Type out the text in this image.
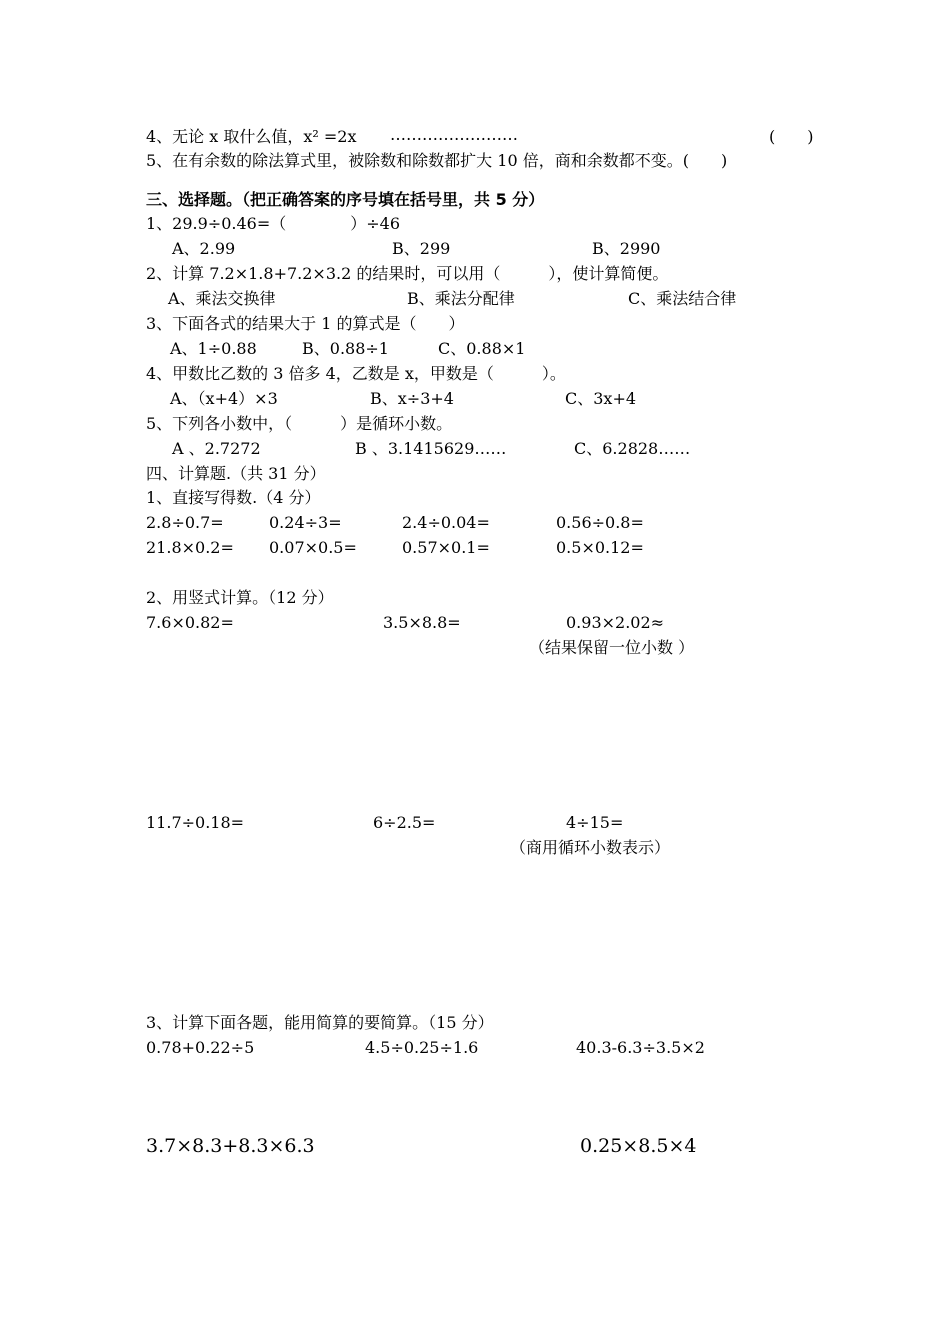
4、无论 x 取什么值，x² =2x ……………………	(　　)
5、在有余数的除法算式里，被除数和除数都扩大 10 倍，商和余数都不变。(　　)
三、选择题。（把正确答案的序号填在括号里，共 5 分）
1、29.9÷0.46=（　　　　）÷46
A、2.99	B、299	B、2990
2、计算 7.2×1.8+7.2×3.2 的结果时，可以用（　　　），使计算简便。
A、乘法交换律	B、乘法分配律	C、乘法结合律
3、下面各式的结果大于 1 的算式是（　　）
A、1÷0.88	B、0.88÷1	C、0.88×1
4、甲数比乙数的 3 倍多 4，乙数是 x，甲数是（　　　）。
A、（x+4）×3	B、x÷3+4	C、3x+4
5、下列各小数中，（　　　）是循环小数。
A 、2.7272	B 、3.1415629……	C、6.2828……
四、计算题.（共 31 分）
1、直接写得数.（4 分）
2.8÷0.7=	0.24÷3=	2.4÷0.04=	0.56÷0.8=
21.8×0.2= 0.07×0.5=	0.57×0.1=	0.5×0.12=
2、用竖式计算。（12 分）
7.6×0.82=	3.5×8.8=	0.93×2.02≈
（结果保留一位小数 ）
11.7÷0.18=	6÷2.5=	4÷15=
（商用循环小数表示）
3、计算下面各题，能用简算的要简算。（15 分）
0.78+0.22÷5	4.5÷0.25÷1.6	40.3-6.3÷3.5×2
3.7×8.3+8.3×6.3	0.25×8.5×4
